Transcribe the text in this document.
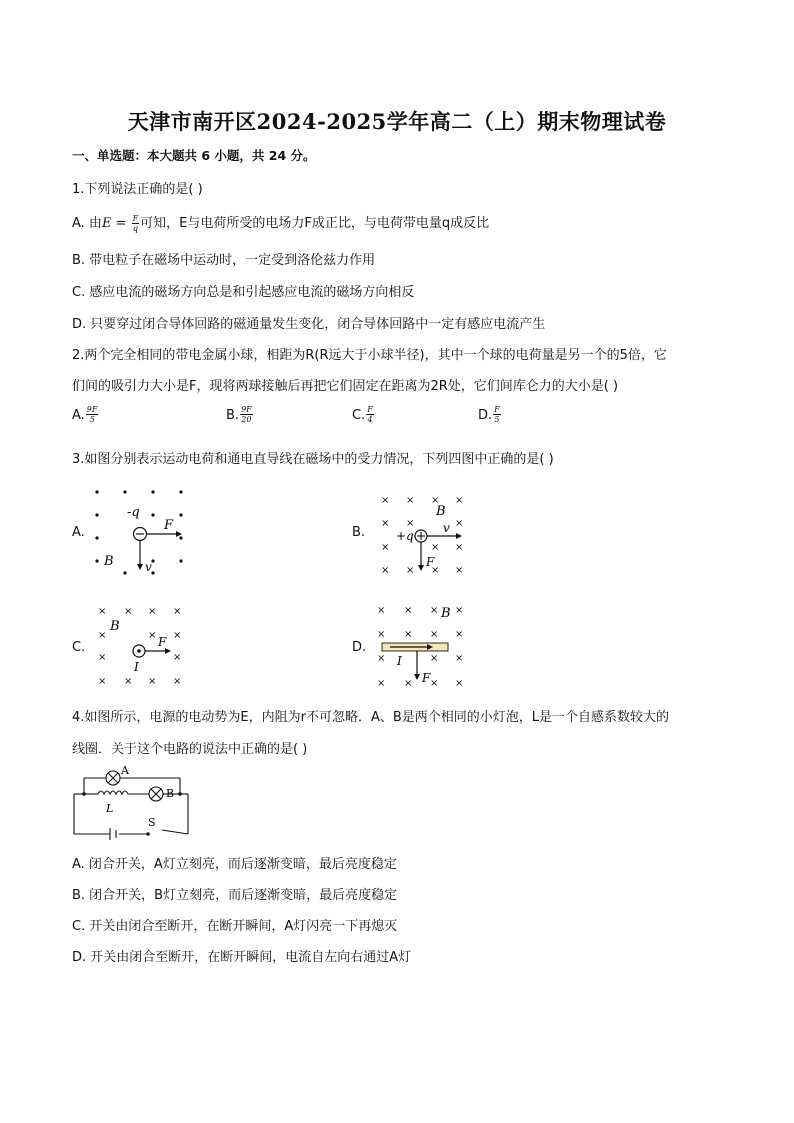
天津市南开区2024-2025学年高二（上）期末物理试卷
一、单选题：本大题共 6 小题，共 24 分。
1.下列说法正确的是( )
A. 由$E = \frac{F}{q}$ 可知，E与电荷所受的电场力F成正比，与电荷带电量q成反比
B. 带电粒子在磁场中运动时，一定受到洛伦兹力作用
C. 感应电流的磁场方向总是和引起感应电流的磁场方向相反
D. 只要穿过闭合导体回路的磁通量发生变化，闭合导体回路中一定有感应电流产生
2.两个完全相同的带电金属小球，相距为R(R远大于小球半径)，其中一个球的电荷量是另一个的5倍，它
们间的吸引力大小是F，现将两球接触后再把它们固定在距离为2R处，它们间库仑力的大小是( )
A. $\frac{9F}{5}$	B. $\frac{9F}{20}$	C. $\frac{F}{4}$	D. $\frac{F}{5}$
3.如图分别表示运动电荷和通电直导线在磁场中的受力情况，下列四图中正确的是( )
A.
-q
F
B	v
B.
× × × ×
× ×	×
×	× ×
× × × ×
+q
B
v
F
C.
× × × ×
×	× ×
×	×
× × × ×
B
F
I
D.
× × × ×
× × × ×
×	× ×
× × × ×
B
I
F
4.如图所示，电源的电动势为E，内阻为r不可忽略．A、B是两个相同的小灯泡，L是一个自感系数较大的
线圈．关于这个电路的说法中正确的是( )
A
B
L
S
A. 闭合开关，A灯立刻亮，而后逐渐变暗，最后亮度稳定
B. 闭合开关，B灯立刻亮，而后逐渐变暗，最后亮度稳定
C. 开关由闭合至断开，在断开瞬间，A灯闪亮一下再熄灭
D. 开关由闭合至断开，在断开瞬间，电流自左向右通过A灯
